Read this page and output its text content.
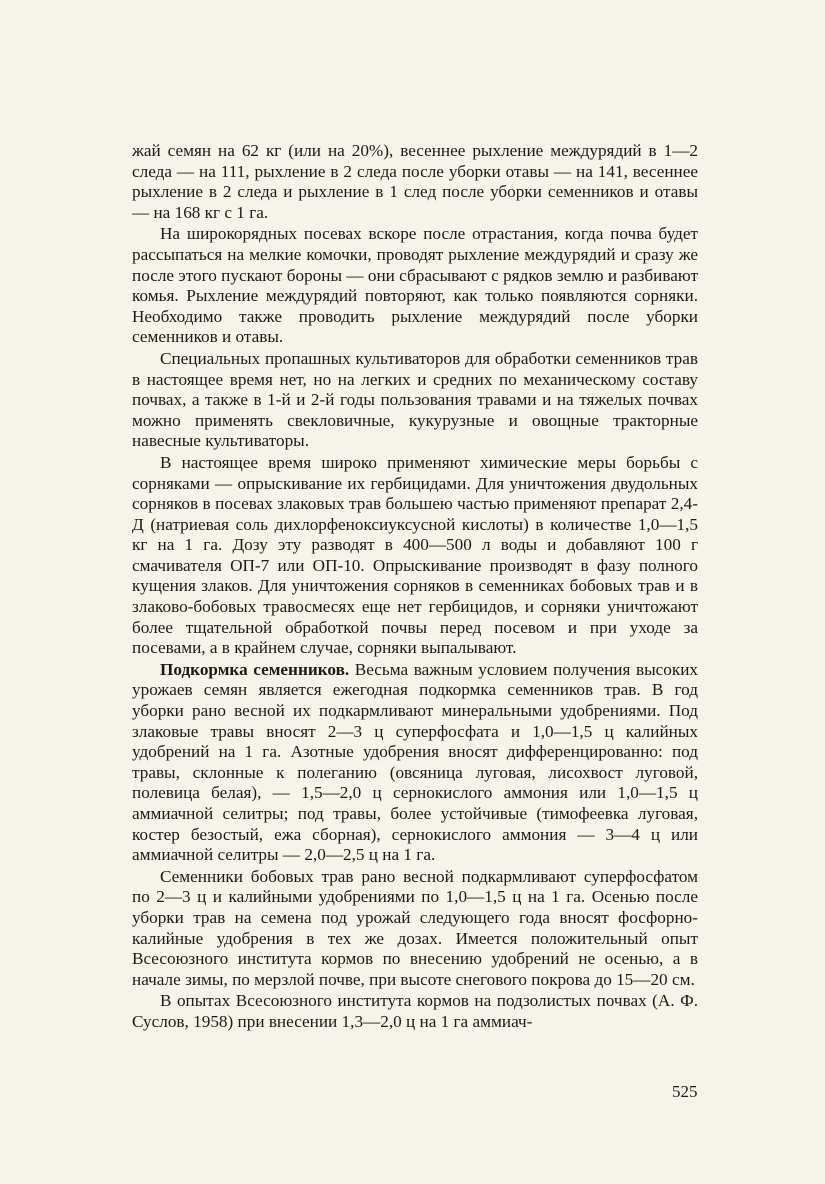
жай семян на 62 кг (или на 20%), весеннее рыхление междурядий в 1—2 следа — на 111, рыхление в 2 следа после уборки отавы — на 141, весеннее рыхление в 2 следа и рыхление в 1 след после уборки семенников и отавы — на 168 кг с 1 га.

На широкорядных посевах вскоре после отрастания, когда почва будет рассыпаться на мелкие комочки, проводят рыхление междурядий и сразу же после этого пускают бороны — они сбрасывают с рядков землю и разбивают комья. Рыхление междурядий повторяют, как только появляются сорняки. Необходимо также проводить рыхление междурядий после уборки семенников и отавы.

Специальных пропашных культиваторов для обработки семенников трав в настоящее время нет, но на легких и средних по механическому составу почвах, а также в 1-й и 2-й годы пользования травами и на тяжелых почвах можно применять свекловичные, кукурузные и овощные тракторные навесные культиваторы.

В настоящее время широко применяют химические меры борьбы с сорняками — опрыскивание их гербицидами. Для уничтожения двудольных сорняков в посевах злаковых трав большею частью применяют препарат 2,4-Д (натриевая соль дихлорфеноксиуксусной кислоты) в количестве 1,0—1,5 кг на 1 га. Дозу эту разводят в 400—500 л воды и добавляют 100 г смачивателя ОП-7 или ОП-10. Опрыскивание производят в фазу полного кущения злаков. Для уничтожения сорняков в семенниках бобовых трав и в злаково-бобовых травосмесях еще нет гербицидов, и сорняки уничтожают более тщательной обработкой почвы перед посевом и при уходе за посевами, а в крайнем случае, сорняки выпалывают.

Подкормка семенников. Весьма важным условием получения высоких урожаев семян является ежегодная подкормка семенников трав. В год уборки рано весной их подкармливают минеральными удобрениями. Под злаковые травы вносят 2—3 ц суперфосфата и 1,0—1,5 ц калийных удобрений на 1 га. Азотные удобрения вносят дифференцированно: под травы, склонные к полеганию (овсяница луговая, лисохвост луговой, полевица белая), — 1,5—2,0 ц сернокислого аммония или 1,0—1,5 ц аммиачной селитры; под травы, более устойчивые (тимофеевка луговая, костер безостый, ежа сборная), сернокислого аммония — 3—4 ц или аммиачной селитры — 2,0—2,5 ц на 1 га.

Семенники бобовых трав рано весной подкармливают суперфосфатом по 2—3 ц и калийными удобрениями по 1,0—1,5 ц на 1 га. Осенью после уборки трав на семена под урожай следующего года вносят фосфорно-калийные удобрения в тех же дозах. Имеется положительный опыт Всесоюзного института кормов по внесению удобрений не осенью, а в начале зимы, по мерзлой почве, при высоте снегового покрова до 15—20 см.

В опытах Всесоюзного института кормов на подзолистых почвах (А. Ф. Суслов, 1958) при внесении 1,3—2,0 ц на 1 га аммиач-

525
